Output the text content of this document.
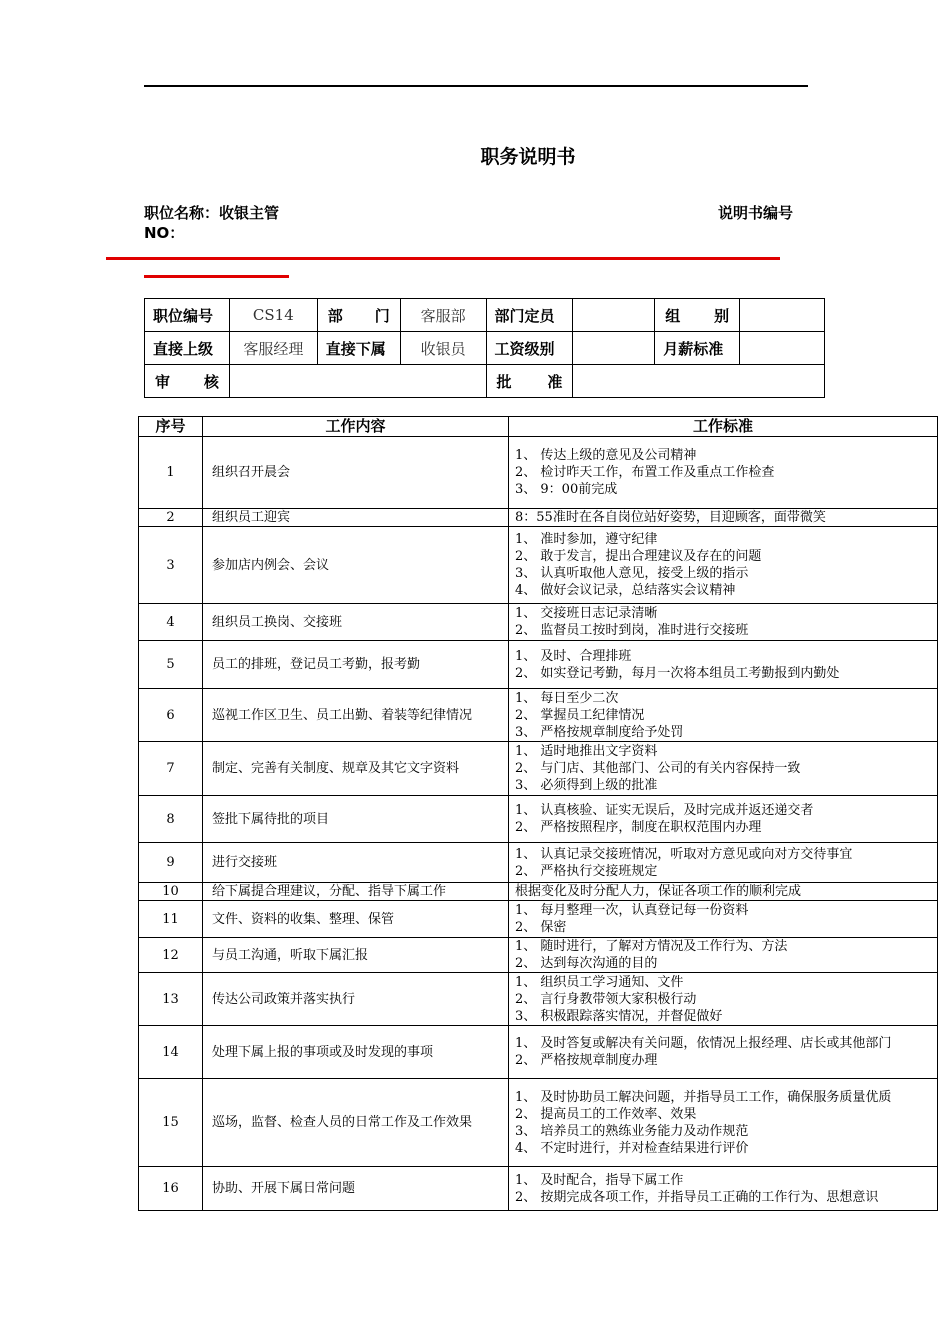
职务说明书
职位名称：收银主管	说明书编号
NO：
职位编号	CS14	部 门	客服部	部门定员		组 别	

直接上级	客服经理	直接下属	收银员	工资级别		月薪标准	

审 核				批 准			

序号	工作内容	工作标准
1	组织召开晨会	1、 传达上级的意见及公司精神
2、 检讨昨天工作，布置工作及重点工作检查
3、 9：00前完成

2	组织员工迎宾	8：55准时在各自岗位站好姿势，目迎顾客，面带微笑

3	参加店内例会、会议	1、 准时参加，遵守纪律
2、 敢于发言，提出合理建议及存在的问题
3、 认真听取他人意见，接受上级的指示
4、 做好会议记录，总结落实会议精神

4	组织员工换岗、交接班	1、 交接班日志记录清晰
2、 监督员工按时到岗，准时进行交接班

5	员工的排班，登记员工考勤，报考勤	1、 及时、合理排班
2、 如实登记考勤，每月一次将本组员工考勤报到内勤处

6	巡视工作区卫生、员工出勤、着装等纪律情况	1、 每日至少二次
2、 掌握员工纪律情况
3、 严格按规章制度给予处罚

7	制定、完善有关制度、规章及其它文字资料	1、 适时地推出文字资料
2、 与门店、其他部门、公司的有关内容保持一致
3、 必须得到上级的批准

8	签批下属待批的项目	1、 认真核验、证实无误后，及时完成并返还递交者
2、 严格按照程序，制度在职权范围内办理

9	进行交接班	1、 认真记录交接班情况，听取对方意见或向对方交待事宜
2、 严格执行交接班规定

10	给下属提合理建议，分配、指导下属工作	根据变化及时分配人力，保证各项工作的顺利完成

11	文件、资料的收集、整理、保管	1、 每月整理一次，认真登记每一份资料
2、 保密

12	与员工沟通，听取下属汇报	1、 随时进行，了解对方情况及工作行为、方法
2、 达到每次沟通的目的

13	传达公司政策并落实执行	1、 组织员工学习通知、文件
2、 言行身教带领大家积极行动
3、 积极跟踪落实情况，并督促做好

14	处理下属上报的事项或及时发现的事项	1、 及时答复或解决有关问题，依情况上报经理、店长或其他部门
2、 严格按规章制度办理

15	巡场，监督、检查人员的日常工作及工作效果	1、 及时协助员工解决问题，并指导员工工作，确保服务质量优质
2、 提高员工的工作效率、效果
3、 培养员工的熟练业务能力及动作规范
4、 不定时进行，并对检查结果进行评价

16	协助、开展下属日常问题	1、 及时配合，指导下属工作
2、 按期完成各项工作，并指导员工正确的工作行为、思想意识
